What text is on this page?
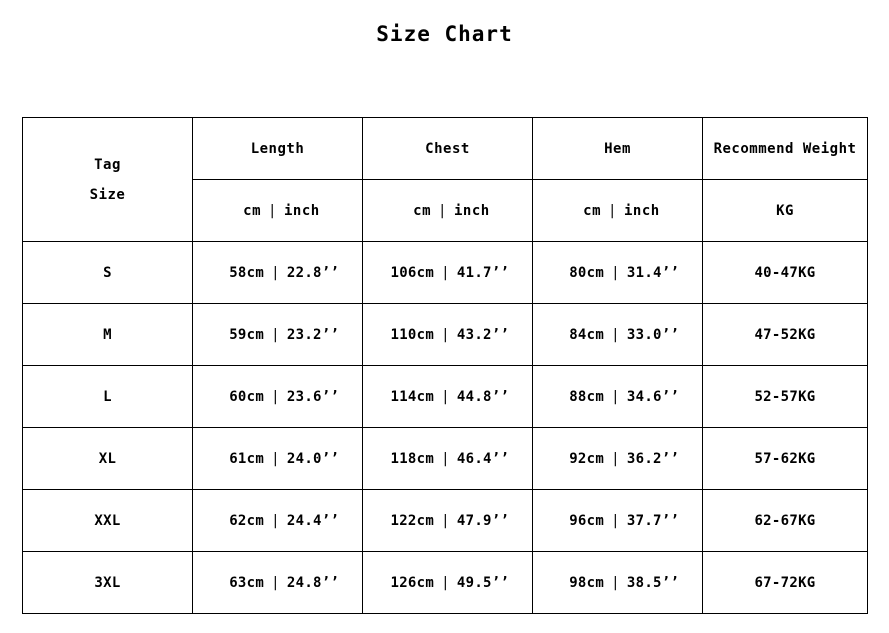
Size Chart
Tag
Size	Length	Chest	Hem	Recommend Weight
	cm | inch	cm | inch	cm | inch	KG
S	58cm | 22.8’’	106cm | 41.7’’	80cm | 31.4’’	40-47KG
M	59cm | 23.2’’	110cm | 43.2’’	84cm | 33.0’’	47-52KG
L	60cm | 23.6’’	114cm | 44.8’’	88cm | 34.6’’	52-57KG
XL	61cm | 24.0’’	118cm | 46.4’’	92cm | 36.2’’	57-62KG
XXL	62cm | 24.4’’	122cm | 47.9’’	96cm | 37.7’’	62-67KG
3XL	63cm | 24.8’’	126cm | 49.5’’	98cm | 38.5’’	67-72KG
